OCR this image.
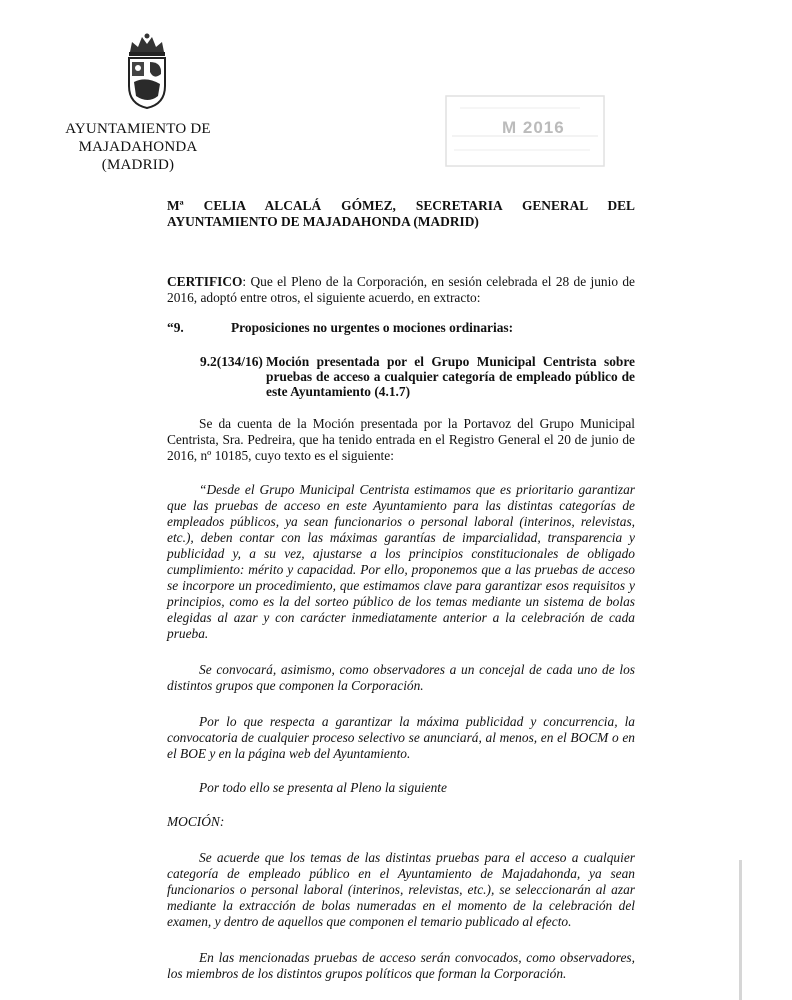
AYUNTAMIENTO DE
MAJADAHONDA
(MADRID)
M 2016
Mª CELIA ALCALÁ GÓMEZ, SECRETARIA GENERAL DEL
AYUNTAMIENTO DE MAJADAHONDA (MADRID)

CERTIFICO: Que el Pleno de la Corporación, en sesión celebrada el 28 de junio de 2016, adoptó entre otros, el siguiente acuerdo, en extracto:

“9.	Proposiciones no urgentes o mociones ordinarias:
9.2(134/16) Moción presentada por el Grupo Municipal Centrista sobre pruebas de acceso a cualquier categoría de empleado público de este Ayuntamiento (4.1.7)

Se da cuenta de la Moción presentada por la Portavoz del Grupo Municipal Centrista, Sra. Pedreira, que ha tenido entrada en el Registro General el 20 de junio de 2016, nº 10185, cuyo texto es el siguiente:

“Desde el Grupo Municipal Centrista estimamos que es prioritario garantizar que las pruebas de acceso en este Ayuntamiento para las distintas categorías de empleados públicos, ya sean funcionarios o personal laboral (interinos, relevistas, etc.), deben contar con las máximas garantías de imparcialidad, transparencia y publicidad y, a su vez, ajustarse a los principios constitucionales de obligado cumplimiento: mérito y capacidad. Por ello, proponemos que a las pruebas de acceso se incorpore un procedimiento, que estimamos clave para garantizar esos requisitos y principios, como es la del sorteo público de los temas mediante un sistema de bolas elegidas al azar y con carácter inmediatamente anterior a la celebración de cada prueba.

Se convocará, asimismo, como observadores a un concejal de cada uno de los distintos grupos que componen la Corporación.

Por lo que respecta a garantizar la máxima publicidad y concurrencia, la convocatoria de cualquier proceso selectivo se anunciará, al menos, en el BOCM o en el BOE y en la página web del Ayuntamiento.

Por todo ello se presenta al Pleno la siguiente

MOCIÓN:

Se acuerde que los temas de las distintas pruebas para el acceso a cualquier categoría de empleado público en el Ayuntamiento de Majadahonda, ya sean funcionarios o personal laboral (interinos, relevistas, etc.), se seleccionarán al azar mediante la extracción de bolas numeradas en el momento de la celebración del examen, y dentro de aquellos que componen el temario publicado al efecto.

En las mencionadas pruebas de acceso serán convocados, como observadores, los miembros de los distintos grupos políticos que forman la Corporación.
